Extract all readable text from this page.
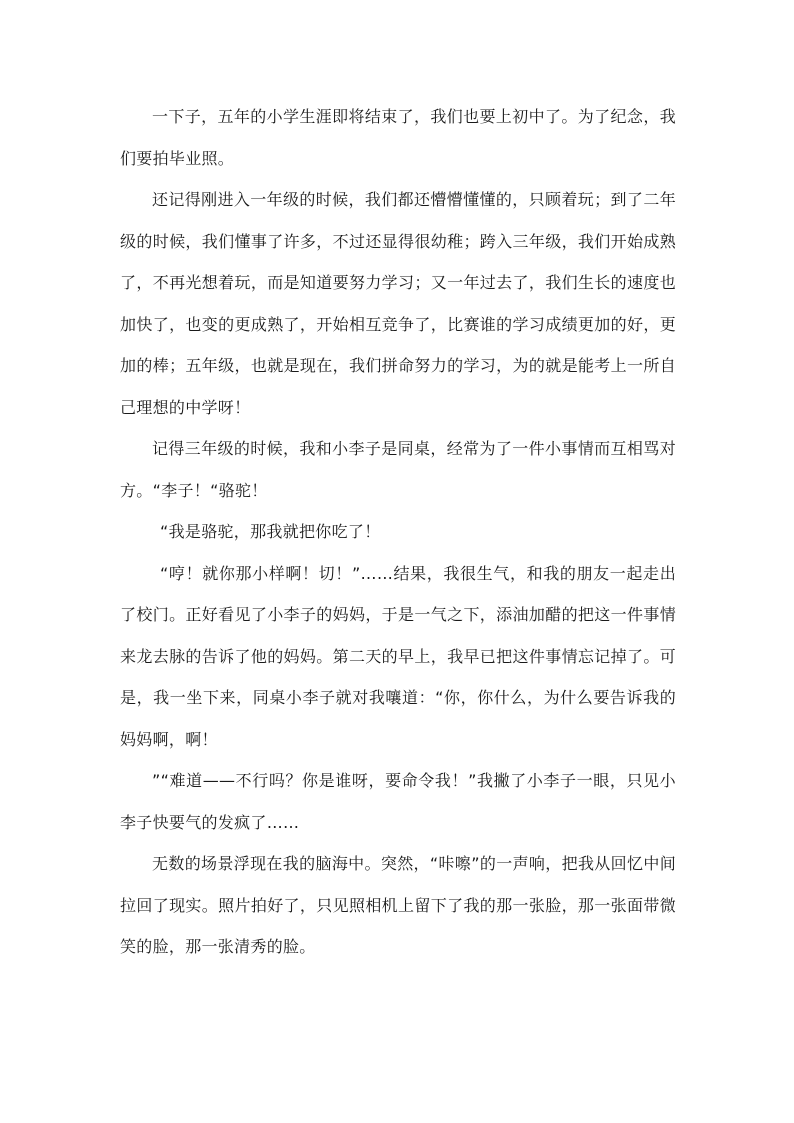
一下子，五年的小学生涯即将结束了，我们也要上初中了。为了纪念，我们要拍毕业照。

还记得刚进入一年级的时候，我们都还懵懵懂懂的，只顾着玩；到了二年级的时候，我们懂事了许多，不过还显得很幼稚；跨入三年级，我们开始成熟了，不再光想着玩，而是知道要努力学习；又一年过去了，我们生长的速度也加快了，也变的更成熟了，开始相互竞争了，比赛谁的学习成绩更加的好，更加的棒；五年级，也就是现在，我们拼命努力的学习，为的就是能考上一所自己理想的中学呀！

记得三年级的时候，我和小李子是同桌，经常为了一件小事情而互相骂对方。“李子！“骆驼！

“我是骆驼，那我就把你吃了！

“哼！就你那小样啊！切！”……结果，我很生气，和我的朋友一起走出了校门。正好看见了小李子的妈妈，于是一气之下，添油加醋的把这一件事情来龙去脉的告诉了他的妈妈。第二天的早上，我早已把这件事情忘记掉了。可是，我一坐下来，同桌小李子就对我嚷道：“你，你什么，为什么要告诉我的妈妈啊，啊！

”“难道——不行吗？你是谁呀，要命令我！”我撇了小李子一眼，只见小李子快要气的发疯了……

无数的场景浮现在我的脑海中。突然，“咔嚓”的一声响，把我从回忆中间拉回了现实。照片拍好了，只见照相机上留下了我的那一张脸，那一张面带微笑的脸，那一张清秀的脸。
